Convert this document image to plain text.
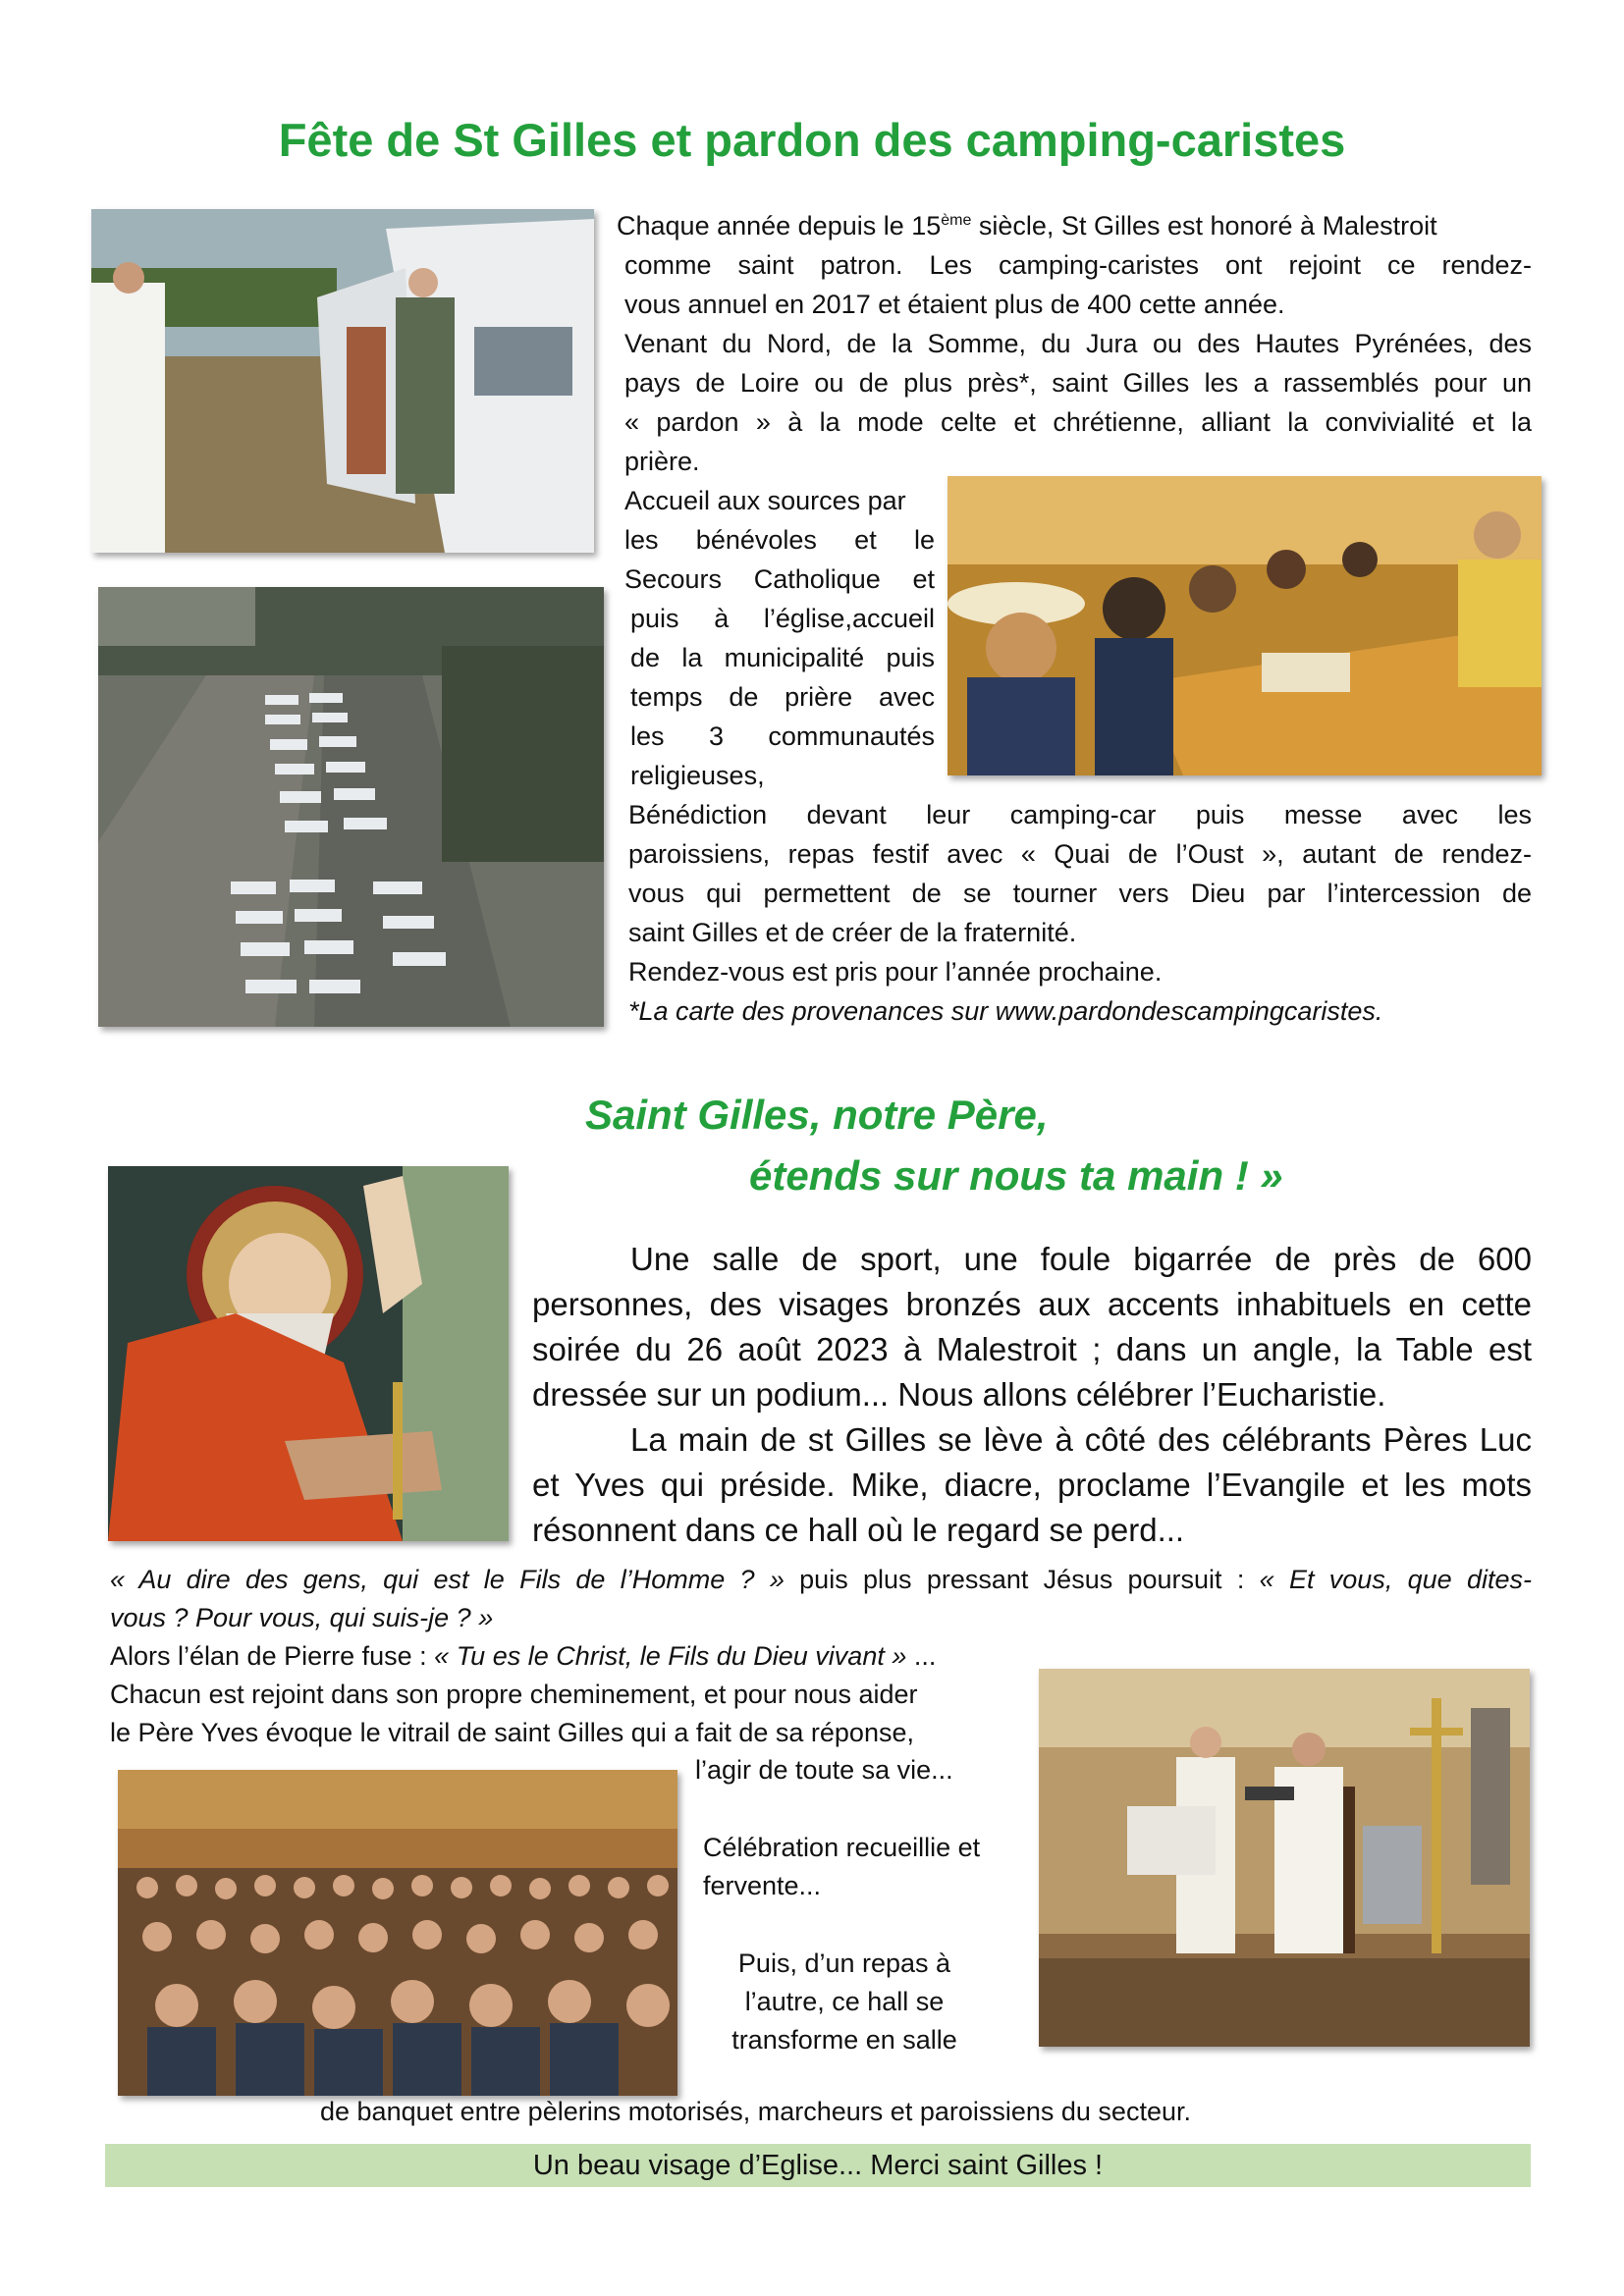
Fête de St Gilles et pardon des camping-caristes
Chaque année depuis le 15ème siècle, St Gilles est honoré à Malestroit
comme saint patron. Les camping-caristes ont rejoint ce rendez-
vous annuel en 2017 et étaient plus de 400 cette année.
Venant du Nord, de la Somme, du Jura ou des Hautes Pyrénées, des
pays de Loire ou de plus près*, saint Gilles les a rassemblés pour un
« pardon » à la mode celte et chrétienne, alliant la convivialité et la
prière.
Accueil aux sources par
les bénévoles et le
Secours Catholique et
puis à l’église,accueil
de la municipalité puis
temps de prière avec
les 3 communautés
religieuses,
Bénédiction devant leur camping-car puis messe avec les
paroissiens, repas festif avec « Quai de l’Oust », autant de rendez-
vous qui permettent de se tourner vers Dieu par l’intercession de
saint Gilles et de créer de la fraternité.
Rendez-vous est pris pour l’année prochaine.
*La carte des provenances sur www.pardondescampingcaristes.
Saint Gilles, notre Père,
étends sur nous ta main ! »
Une salle de sport, une foule bigarrée de près de 600
personnes, des visages bronzés aux accents inhabituels en cette
soirée du 26 août 2023 à Malestroit ; dans un angle, la Table est
dressée sur un podium... Nous allons célébrer l’Eucharistie.
La main de st Gilles se lève à côté des célébrants Pères Luc
et Yves qui préside. Mike, diacre, proclame l’Evangile et les mots
résonnent dans ce hall où le regard se perd...
« Au dire des gens, qui est le Fils de l’Homme ? » puis plus pressant Jésus poursuit : « Et vous, que dites-
vous ? Pour vous, qui suis-je ? »
Alors l’élan de Pierre fuse : « Tu es le Christ, le Fils du Dieu vivant » ...
Chacun est rejoint dans son propre cheminement, et pour nous aider
le Père Yves évoque le vitrail de saint Gilles qui a fait de sa réponse,
l’agir de toute sa vie...
Célébration recueillie et
fervente...
Puis, d’un repas à
l’autre, ce hall se
transforme en salle
de banquet entre pèlerins motorisés, marcheurs et paroissiens du secteur.
Un beau visage d’Eglise... Merci saint Gilles !
